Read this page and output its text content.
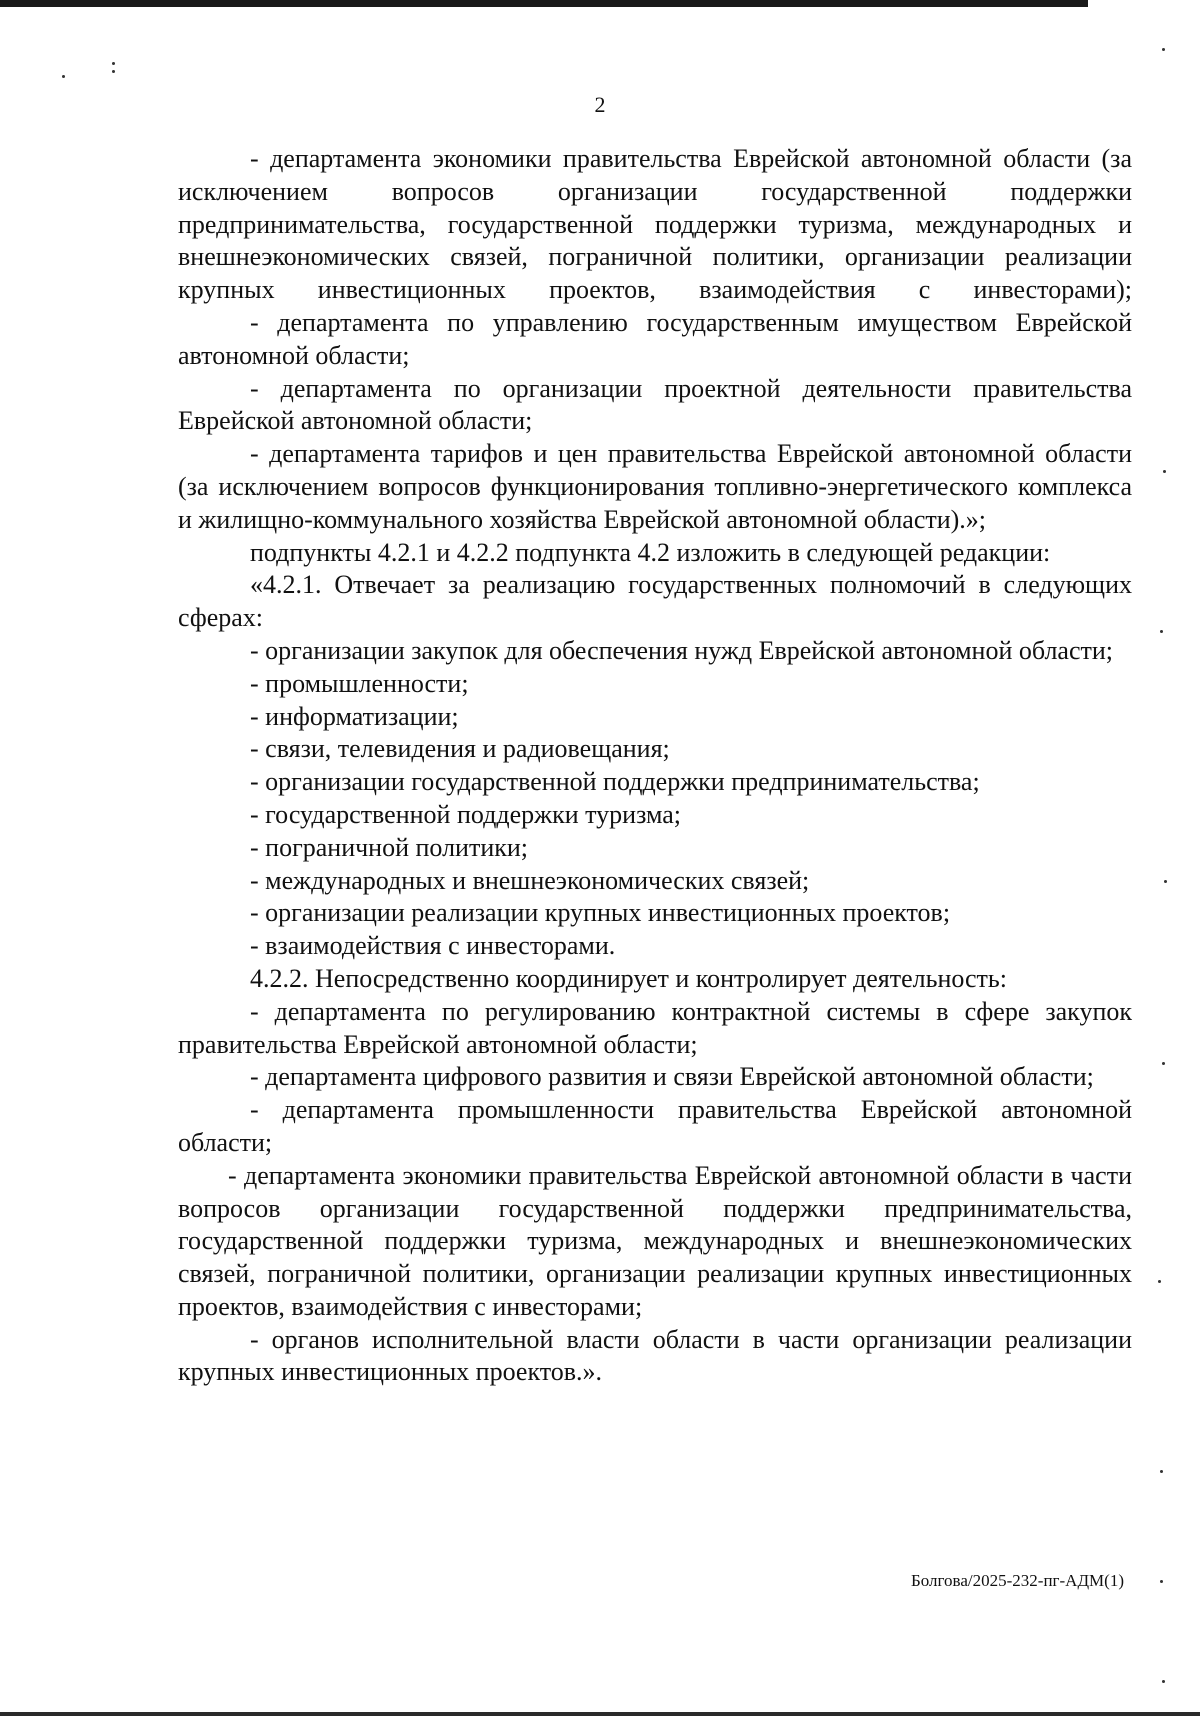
2

- департамента экономики правительства Еврейской автономной области (за исключением вопросов организации государственной поддержки предпринимательства, государственной поддержки туризма, международных и внешнеэкономических связей, пограничной политики, организации реализации крупных инвестиционных проектов, взаимодействия с инвесторами);

- департамента по управлению государственным имуществом Еврейской автономной области;

- департамента по организации проектной деятельности правительства Еврейской автономной области;

- департамента тарифов и цен правительства Еврейской автономной области (за исключением вопросов функционирования топливно-энергетического комплекса и жилищно-коммунального хозяйства Еврейской автономной области).»;

подпункты 4.2.1 и 4.2.2 подпункта 4.2 изложить в следующей редакции:

«4.2.1. Отвечает за реализацию государственных полномочий в следующих сферах:

- организации закупок для обеспечения нужд Еврейской автономной области;

- промышленности;

- информатизации;

- связи, телевидения и радиовещания;

- организации государственной поддержки предпринимательства;

- государственной поддержки туризма;

- пограничной политики;

- международных и внешнеэкономических связей;

- организации реализации крупных инвестиционных проектов;

- взаимодействия с инвесторами.

4.2.2. Непосредственно координирует и контролирует деятельность:

- департамента по регулированию контрактной системы в сфере закупок правительства Еврейской автономной области;

- департамента цифрового развития и связи Еврейской автономной области;

- департамента промышленности правительства Еврейской автономной области;

- департамента экономики правительства Еврейской автономной области в части вопросов организации государственной поддержки предпринимательства, государственной поддержки туризма, международных и внешнеэкономических связей, пограничной политики, организации реализации крупных инвестиционных проектов, взаимодействия с инвесторами;

- органов исполнительной власти области в части организации реализации крупных инвестиционных проектов.».

Болгова/2025-232-пг-АДМ(1)
